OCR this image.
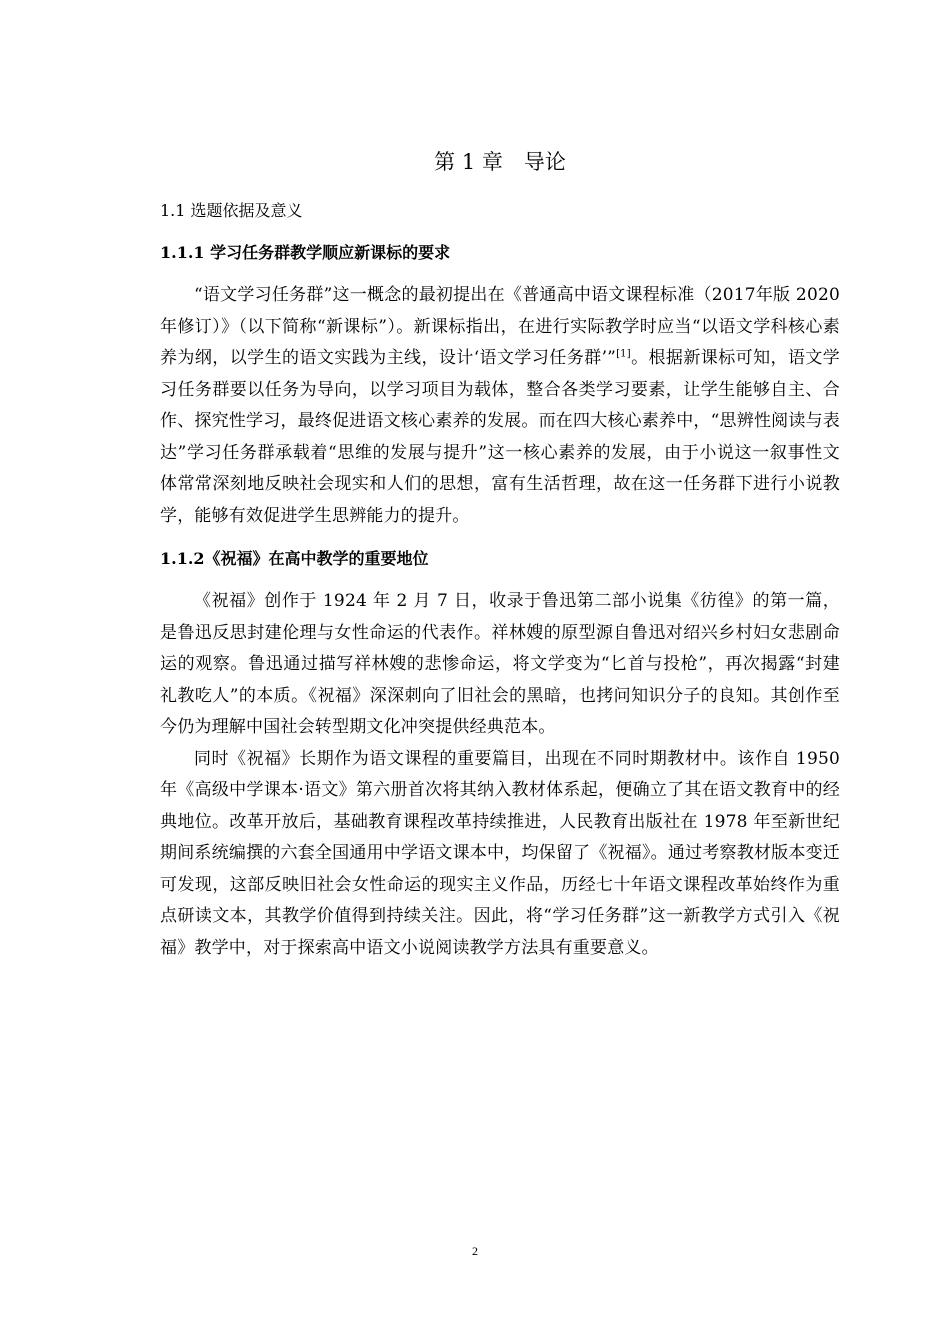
第 1 章　导论
1.1 选题依据及意义
1.1.1 学习任务群教学顺应新课标的要求

“语文学习任务群”这一概念的最初提出在《普通高中语文课程标准（2017年版 2020 年修订）》（以下简称“新课标”）。新课标指出，在进行实际教学时应当“以语文学科核心素养为纲，以学生的语文实践为主线，设计‘语文学习任务群’”[1]。根据新课标可知，语文学习任务群要以任务为导向，以学习项目为载体，整合各类学习要素，让学生能够自主、合作、探究性学习，最终促进语文核心素养的发展。而在四大核心素养中，“思辨性阅读与表达”学习任务群承载着“思维的发展与提升”这一核心素养的发展，由于小说这一叙事性文体常常深刻地反映社会现实和人们的思想，富有生活哲理，故在这一任务群下进行小说教学，能够有效促进学生思辨能力的提升。

1.1.2《祝福》在高中教学的重要地位

《祝福》创作于 1924 年 2 月 7 日，收录于鲁迅第二部小说集《彷徨》的第一篇，是鲁迅反思封建伦理与女性命运的代表作。祥林嫂的原型源自鲁迅对绍兴乡村妇女悲剧命运的观察。鲁迅通过描写祥林嫂的悲惨命运，将文学变为“匕首与投枪”，再次揭露“封建礼教吃人”的本质。《祝福》深深刺向了旧社会的黑暗，也拷问知识分子的良知。其创作至今仍为理解中国社会转型期文化冲突提供经典范本。

同时《祝福》长期作为语文课程的重要篇目，出现在不同时期教材中。该作自 1950 年《高级中学课本·语文》第六册首次将其纳入教材体系起，便确立了其在语文教育中的经典地位。改革开放后，基础教育课程改革持续推进，人民教育出版社在 1978 年至新世纪期间系统编撰的六套全国通用中学语文课本中，均保留了《祝福》。通过考察教材版本变迁可发现，这部反映旧社会女性命运的现实主义作品，历经七十年语文课程改革始终作为重点研读文本，其教学价值得到持续关注。因此，将“学习任务群”这一新教学方式引入《祝福》教学中，对于探索高中语文小说阅读教学方法具有重要意义。

2
